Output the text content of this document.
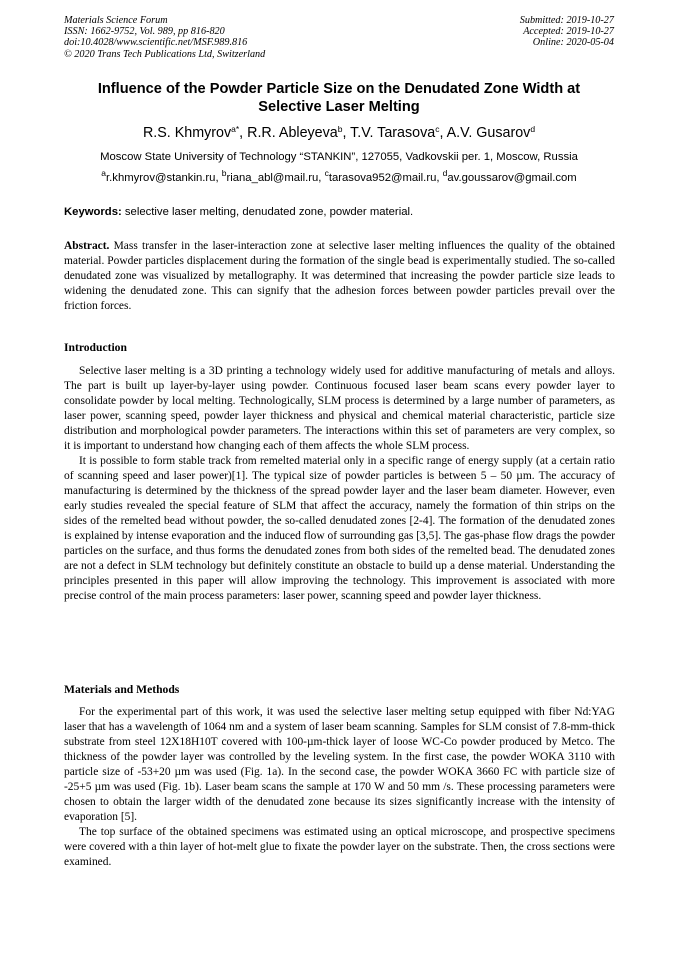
Materials Science Forum
ISSN: 1662-9752, Vol. 989, pp 816-820
doi:10.4028/www.scientific.net/MSF.989.816
© 2020 Trans Tech Publications Ltd, Switzerland
Submitted: 2019-10-27
Accepted: 2019-10-27
Online: 2020-05-04
Influence of the Powder Particle Size on the Denudated Zone Width at
Selective Laser Melting
R.S. Khmyrov$^{a*}$, R.R. Ableyeva$^b$, T.V. Tarasova$^c$, A.V. Gusarov$^d$
Moscow State University of Technology “STANKIN”, 127055, Vadkovskii per. 1, Moscow, Russia
$^a$r.khmyrov@stankin.ru, $^b$riana_abl@mail.ru, $^c$tarasova952@mail.ru, $^d$av.goussarov@gmail.com
Keywords: selective laser melting, denudated zone, powder material.

Abstract. Mass transfer in the laser-interaction zone at selective laser melting influences the quality of the obtained material. Powder particles displacement during the formation of the single bead is experimentally studied. The so-called denudated zone was visualized by metallography. It was determined that increasing the powder particle size leads to widening the denudated zone. This can signify that the adhesion forces between powder particles prevail over the friction forces.

Introduction

Selective laser melting is a 3D printing a technology widely used for additive manufacturing of metals and alloys. The part is built up layer-by-layer using powder. Continuous focused laser beam scans every powder layer to consolidate powder by local melting. Technologically, SLM process is determined by a large number of parameters, as laser power, scanning speed, powder layer thickness and physical and chemical material characteristic, particle size distribution and morphological powder parameters. The interactions within this set of parameters are very complex, so it is important to understand how changing each of them affects the whole SLM process.

It is possible to form stable track from remelted material only in a specific range of energy supply (at a certain ratio of scanning speed and laser power)[1]. The typical size of powder particles is between 5 – 50 µm. The accuracy of manufacturing is determined by the thickness of the spread powder layer and the laser beam diameter. However, even early studies revealed the special feature of SLM that affect the accuracy, namely the formation of thin strips on the sides of the remelted bead without powder, the so-called denudated zones [2-4]. The formation of the denudated zones is explained by intense evaporation and the induced flow of surrounding gas [3,5]. The gas-phase flow drags the powder particles on the surface, and thus forms the denudated zones from both sides of the remelted bead. The denudated zones are not a defect in SLM technology but definitely constitute an obstacle to build up a dense material. Understanding the principles presented in this paper will allow improving the technology. This improvement is associated with more precise control of the main process parameters: laser power, scanning speed and powder layer thickness.

Materials and Methods

For the experimental part of this work, it was used the selective laser melting setup equipped with fiber Nd:YAG laser that has a wavelength of 1064 nm and a system of laser beam scanning. Samples for SLM consist of 7.8-mm-thick substrate from steel 12X18H10T covered with 100-µm-thick layer of loose WC-Co powder produced by Metco. The thickness of the powder layer was controlled by the leveling system. In the first case, the powder WOKA 3110 with particle size of -53+20 µm was used (Fig. 1a). In the second case, the powder WOKA 3660 FC with particle size of -25+5 µm was used (Fig. 1b). Laser beam scans the sample at 170 W and 50 mm /s. These processing parameters were chosen to obtain the larger width of the denudated zone because its sizes significantly increase with the intensity of evaporation [5].

The top surface of the obtained specimens was estimated using an optical microscope, and prospective specimens were covered with a thin layer of hot-melt glue to fixate the powder layer on the substrate. Then, the cross sections were examined.
